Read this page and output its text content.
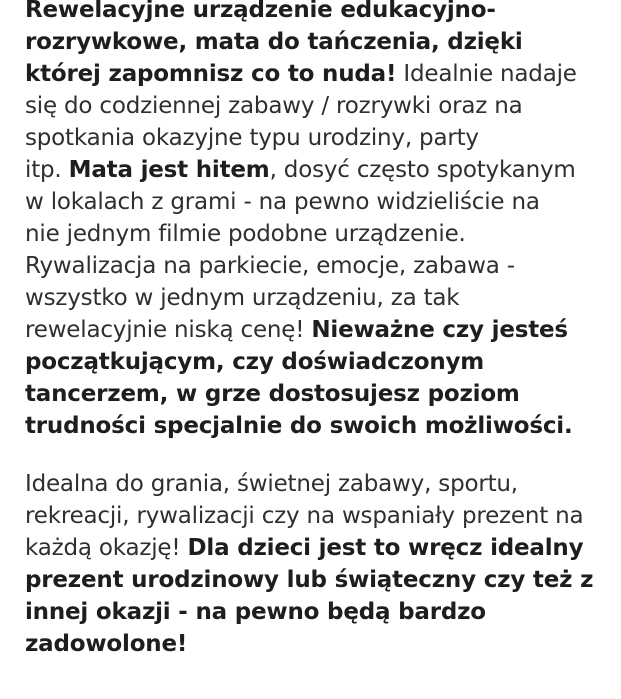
Rewelacyjne urządzenie edukacyjno-
rozrywkowe, mata do tańczenia, dzięki
której zapomnisz co to nuda! Idealnie nadaje
się do codziennej zabawy / rozrywki oraz na
spotkania okazyjne typu urodziny, party
itp. Mata jest hitem, dosyć często spotykanym
w lokalach z grami - na pewno widzieliście na
nie jednym filmie podobne urządzenie.
Rywalizacja na parkiecie, emocje, zabawa -
wszystko w jednym urządzeniu, za tak
rewelacyjnie niską cenę! Nieważne czy jesteś
początkującym, czy doświadczonym
tancerzem, w grze dostosujesz poziom
trudności specjalnie do swoich możliwości.

Idealna do grania, świetnej zabawy, sportu,
rekreacji, rywalizacji czy na wspaniały prezent na
każdą okazję! Dla dzieci jest to wręcz idealny
prezent urodzinowy lub świąteczny czy też z
innej okazji - na pewno będą bardzo
zadowolone!
